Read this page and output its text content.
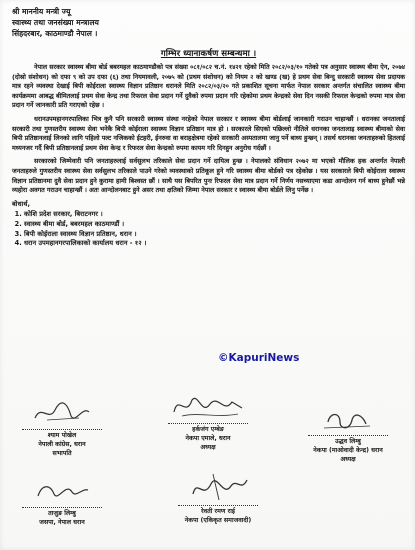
श्री माननीय मन्त्री ज्यू
स्वास्थ्य तथा जनसंख्या मन्त्रालय
सिंहदरबार, काठमाण्डौ नेपाल ।
गम्भिर ध्यानाकर्षण सम्बन्धमा ।

नेपाल सरकार स्वास्थ्य बीमा बोर्ड बबरमहल काठमाण्डौको पत्र संख्या ०८१/०८२ च.नं. १४२१ रहेको मिति २०८२/०३/१० गतेको पत्र अनुसार स्वास्थ्य बीमा ऐन, २०७४ (दोस्रो संशोधन) को दफा ९ को उप दफा (६) तथा नियमावली, २०७५ को (प्रथम संशोधन) को नियम २ को खण्ड (ख) हे प्रथम सेवा बिन्दु सरकारी स्वास्थ्य सेवा प्रदायक मात्र रहने व्यवस्था देखाई बिपी कोईराला स्वास्थ्य विज्ञान प्रतिष्ठान धरानले मिति २०८२/०३/२० गते प्रकाशित सूचना मार्फत नेपाल सरकार अन्तर्गत संचालित स्वास्थ्य बीमा कार्यक्रममा आबद्ध बीमितलाई प्रथम सेवा केन्द्र तथा रिफरल सेवा प्रदान गर्ने दुवैको रुपमा प्रदान गरि रहेकोमा प्रथम केन्द्रको सेवा दिन नसकी रिफरल केन्द्रको रुपमा मात्र सेवा प्रदान गर्ने जानकारी प्रति गराएको रहेछ ।

धरानउपमहानगरपालिका भित्र कुनै पनि सरकारी स्वास्थ्य संस्था नरहेको नेपाल सरकार र स्वास्थ्य बीमा बोर्डलाई जानकारी गराउन चाहान्छौं । धरानका जनतालाई सरकारी तथा गुणस्तरीय स्वास्थ्य सेवा भनेकै बिपी कोईराला स्वास्थ्य विज्ञान प्रतिष्ठान मात्र हो । सरकारले सिएको पछिल्लो नीतिले धरानका जनतालाइ स्वास्थ्य बीमाको सेवा बिपी प्रतिष्ठानलाई लिनको लागि पहिलो पल्ट नजिकको ईटहरी, ईनरुवा वा बराहक्षेत्रमा रहेको सरकारी अस्पतालमा जानु पर्ने बाध्य हुन्छन् । तसर्थ धरानका जनताहरुको हितलाई मध्यनजर गर्दै बिपी प्रतिष्ठानलाई प्रथम सेवा केन्द्र र रिफरल सेवा केन्द्रको रुपमा कायम गरि दिनहुन अनुरोध गर्दछौं ।

सरकारको जिम्मेवारी पनि जनताहरुलाई सर्वसुलभ तरिकाले सेवा प्रदान गर्ने दायित्व हुन्छ । नेपालको संविधान २०७२ मा भएको मौलिक हक अन्तर्गत नेपाली जनताहरुले गुणस्तरीय स्वास्थ्य सेवा सर्वसुलभ तरिकाले पाउने गरेको व्यवस्थाको प्रतिकूल हुने गरि स्वास्थ्य बीमा बोर्डको पत्र रहेकोछ । यस सरकारले बिपी कोईराला स्वास्थ्य विज्ञान प्रतिष्ठानमा दुवै सेवा प्रदान हुने कुरामा हामी बिश्वस्त छौं । साथै यस बिपरित पुनः रिफरल सेवा मात्र प्रदान गर्ने निर्णय नसच्याएमा कडा आन्दोलन गर्न बाध्य हुनेछौं भन्ने व्यहोरा अवगत गराउन चाहान्छौं । अतः आन्दोलनबाट हुने असर तथा क्षतिको जिम्मा नेपाल सरकार र स्वास्थ्य बीमा बोर्डले लिनु पर्नेछ ।

बोधार्थ,
1. कोशि प्रदेश सरकार, बिराटनगर ।
2. स्वास्थ्य बीमा बोर्ड, बबरमहल काठमाण्डौं ।
3. बिपी कोईराला स्वास्थ्य विज्ञान प्रतिष्ठान, धरान ।
4. धरान उपमहानगरपालिकाको कार्यालय धरान - १२ ।
©KapuriNews
श्याम पोखेल
नेपाली कांग्रेस, धरान
सभापति
हर्कजंग एम्बेङ
नेकपा एमाले, धरान
अध्यक्ष
उद्धव लिम्बु
नेकपा (माओवादी केन्द्र) धरान
अध्यक्ष
ताजुङ लिम्बु
जसपा, नेपाल धरान
रेवती रमण राई
नेकपा (एकिकृत समाजवादी)
